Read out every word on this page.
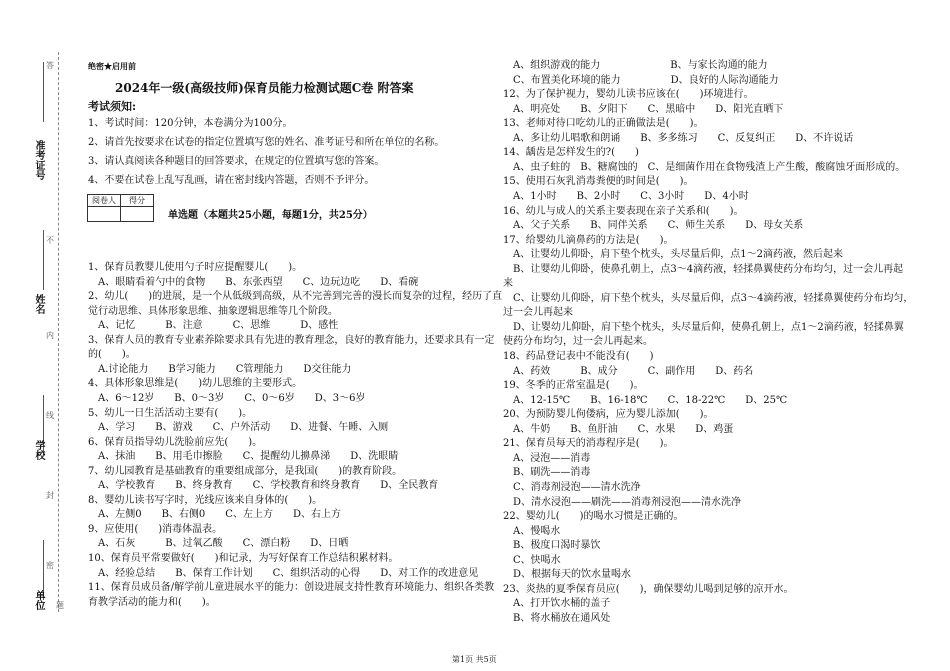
准考证号
姓名
学校
单位
答
不
内
线
封
密
题
绝密★启用前
2024年一级(高级技师)保育员能力检测试题C卷 附答案
考试须知:
1、考试时间：120分钟，本卷满分为100分。
2、请首先按要求在试卷的指定位置填写您的姓名、准考证号和所在单位的名称。
3、请认真阅读各种题目的回答要求，在规定的位置填写您的答案。
4、不要在试卷上乱写乱画，请在密封线内答题，否则不予评分。
阅卷人	得分

单选题（本题共25小题，每题1分，共25分）
1、保育员教婴儿使用勺子时应提醒婴儿(　　)。
A、眼睛看着勺中的食物　　B、东张西望　　C、边玩边吃　　D、看碗
2、幼儿(　　)的进展，是一个从低级到高级，从不完善到完善的漫长而复杂的过程，经历了直
觉行动思维、具体形象思维、抽象逻辑思维等几个阶段。
A、记忆　　　B、注意　　　C、思维　　　D、感性
3、保育人员的教育专业素养除要求具有先进的教育理念，良好的教育能力，还要求具有一定
的(　　)。
A.讨论能力　　B学习能力　　C管理能力　　D交往能力
4、具体形象思维是(　　)幼儿思维的主要形式。
A、6～12岁　　B、0～3岁　　C、0～6岁　　D、3～6岁
5、幼儿一日生活活动主要有(　　)。
A、学习　　B、游戏　　C、户外活动　　D、进餐、午睡、入厕
6、保育员指导幼儿洗脸前应先(　　)。
A、抹油　　B、用毛巾擦脸　　C、提醒幼儿擤鼻涕　　D、洗眼睛
7、幼儿园教育是基础教育的重要组成部分，是我国(　　)的教育阶段。
A、学校教育　　B、终身教育　　C、学校教育和终身教育　　D、全民教育
8、婴幼儿读书写字时，光线应该来自身体的(　　)。
A、左侧0　　B、右侧0　　C、左上方　　D、右上方
9、应使用(　　)消毒体温表。
A、石灰　　　B、过氧乙酸　　C、漂白粉　　D、日晒
10、保育员平常要做好(　　)和记录，为写好保育工作总结积累材料。
A、经验总结　　B、保育工作计划　　C、组织活动的心得　　D、对工作的改进意见
11、保育员成员备/解学前儿童进展水平的能力：创设进展支持性教育环境能力、组织各类教
育教学活动的能力和(　　)。
A、组织游戏的能力　　　　　　　B、与家长沟通的能力
C、布置美化环境的能力　　　　　D、良好的人际沟通能力
12、为了保护视力，婴幼儿读书应该在(　　)环境进行。
A、明亮处　　B、夕阳下　　C、黑暗中　　D、阳光直晒下
13、老师对待口吃幼儿的正确做法是(　　)。
A、多让幼儿唱歌和朗诵　　B、多多练习　　C、反复纠正　　D、不许说话
14、龋齿是怎样发生的?(　　)
A、虫子蛀的　B、糖腐蚀的　C、是细菌作用在食物残渣上产生酸，酸腐蚀牙面形成的。
15、使用石灰乳消毒粪便的时间是(　　)。
A、1小时　　B、2小时　　C、3小时　　D、4小时
16、幼儿与成人的关系主要表现在亲子关系和(　　)。
A、父子关系　　B、同伴关系　　C、师生关系　　D、母女关系
17、给婴幼儿滴鼻药的方法是(　　)。
A、让婴幼儿仰卧，肩下垫个枕头，头尽量后仰，点1～2滴药液，然后起来
B、让婴幼儿仰卧，使鼻孔朝上，点3～4滴药液，轻揉鼻翼使药分布均匀，过一会儿再起
来
C、让婴幼儿仰卧，肩下垫个枕头，头尽量后仰，点3～4滴药液，轻揉鼻翼使药分布均匀，
过一会儿再起来
D、让婴幼儿仰卧，肩下垫个枕头，头尽量后仰，使鼻孔朝上，点1～2滴药液，轻揉鼻翼
使药分布均匀，过一会儿再起来。
18、药品登记表中不能没有(　　)
A、药效　　　B、成分　　　C、副作用　　D、药名
19、冬季的正常室温是(　　)。
A、12-15℃　　B、16-18℃　　C、18-22℃　　D、25℃
20、为预防婴儿佝偻病，应为婴儿添加(　　)。
A、牛奶　　B、鱼肝油　　C、水果　　D、鸡蛋
21、保育员每天的消毒程序是(　　)。
A、浸泡——消毒
B、刷洗——消毒
C、消毒剂浸泡——清水洗净
D、清水浸泡——刷洗——消毒剂浸泡——清水洗净
22、婴幼儿(　　)的喝水习惯是正确的。
A、慢喝水
B、极度口渴时暴饮
C、快喝水
D、根据每天的饮水量喝水
23、炎热的夏季保育员应(　　)，确保婴幼儿喝到足够的凉开水。
A、打开饮水桶的盖子
B、将水桶放在通风处
第1页 共5页
